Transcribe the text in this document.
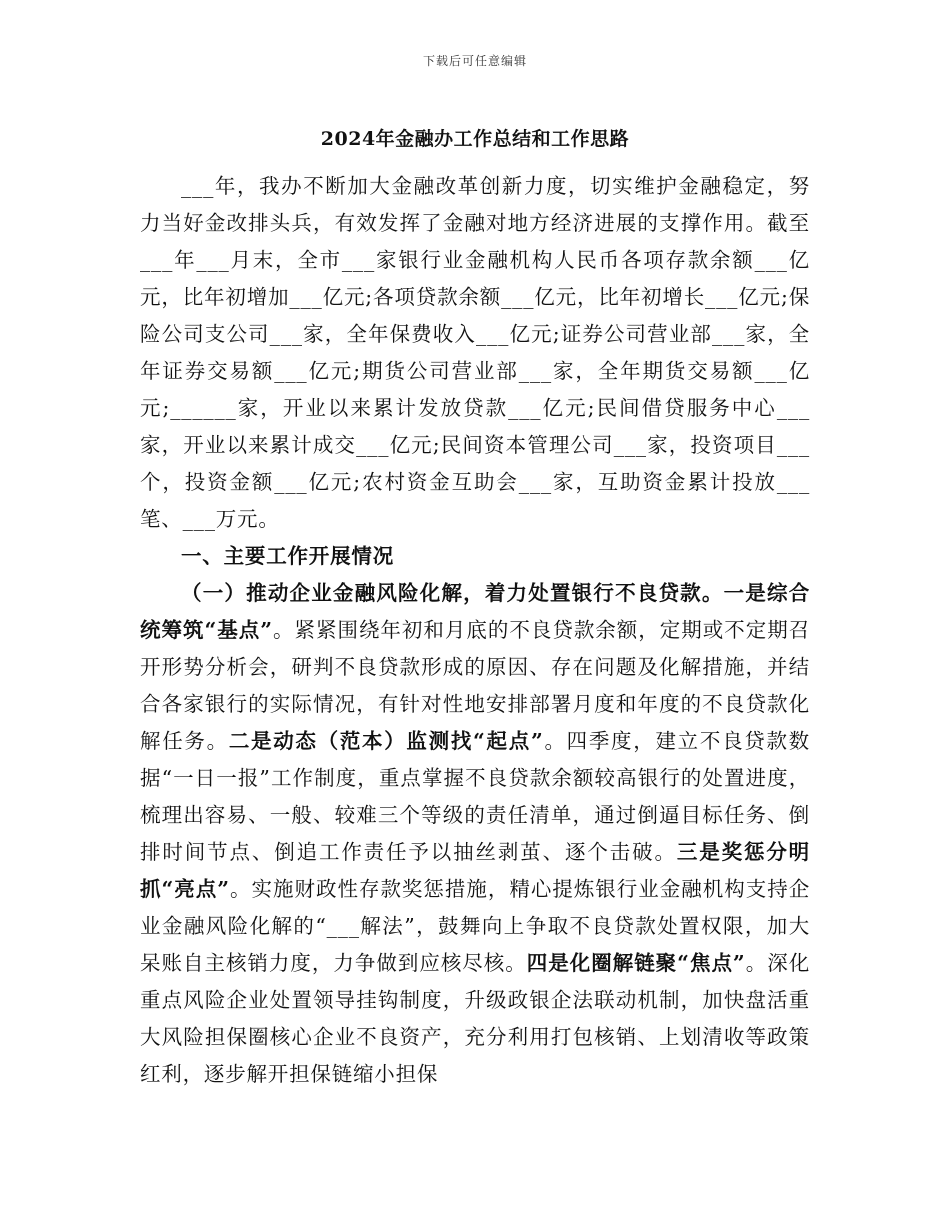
下载后可任意编辑
2024年金融办工作总结和工作思路

___年，我办不断加大金融改革创新力度，切实维护金融稳定，努力当好金改排头兵，有效发挥了金融对地方经济进展的支撑作用。截至___年___月末，全市___家银行业金融机构人民币各项存款余额___亿元，比年初增加___亿元;各项贷款余额___亿元，比年初增长___亿元;保险公司支公司___家，全年保费收入___亿元;证券公司营业部___家，全年证券交易额___亿元;期货公司营业部___家，全年期货交易额___亿元;______家，开业以来累计发放贷款___亿元;民间借贷服务中心___家，开业以来累计成交___亿元;民间资本管理公司___家，投资项目___个，投资金额___亿元;农村资金互助会___家，互助资金累计投放___笔、___万元。

一、主要工作开展情况

（一）推动企业金融风险化解，着力处置银行不良贷款。一是综合统筹筑“基点”。紧紧围绕年初和月底的不良贷款余额，定期或不定期召开形势分析会，研判不良贷款形成的原因、存在问题及化解措施，并结合各家银行的实际情况，有针对性地安排部署月度和年度的不良贷款化解任务。二是动态（范本）监测找“起点”。四季度，建立不良贷款数据“一日一报”工作制度，重点掌握不良贷款余额较高银行的处置进度，梳理出容易、一般、较难三个等级的责任清单，通过倒逼目标任务、倒排时间节点、倒追工作责任予以抽丝剥茧、逐个击破。三是奖惩分明抓“亮点”。实施财政性存款奖惩措施，精心提炼银行业金融机构支持企业金融风险化解的“___解法”，鼓舞向上争取不良贷款处置权限，加大呆账自主核销力度，力争做到应核尽核。四是化圈解链聚“焦点”。深化重点风险企业处置领导挂钩制度，升级政银企法联动机制，加快盘活重大风险担保圈核心企业不良资产，充分利用打包核销、上划清收等政策红利，逐步解开担保链缩小担保
